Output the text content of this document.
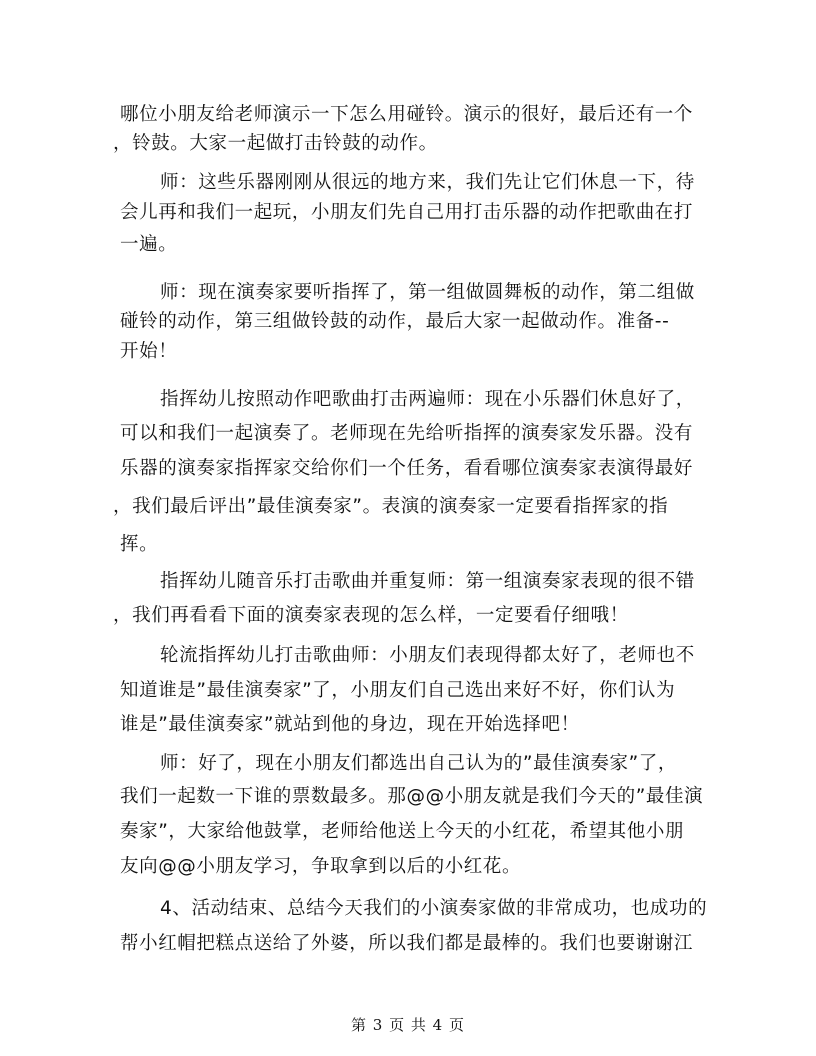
哪位小朋友给老师演示一下怎么用碰铃。演示的很好，最后还有一个
，铃鼓。大家一起做打击铃鼓的动作。
师：这些乐器刚刚从很远的地方来，我们先让它们休息一下，待
会儿再和我们一起玩，小朋友们先自己用打击乐器的动作把歌曲在打
一遍。
师：现在演奏家要听指挥了，第一组做圆舞板的动作，第二组做
碰铃的动作，第三组做铃鼓的动作，最后大家一起做动作。准备--
开始！
指挥幼儿按照动作吧歌曲打击两遍师：现在小乐器们休息好了，
可以和我们一起演奏了。老师现在先给听指挥的演奏家发乐器。没有
乐器的演奏家指挥家交给你们一个任务，看看哪位演奏家表演得最好
，我们最后评出”最佳演奏家”。表演的演奏家一定要看指挥家的指
挥。
指挥幼儿随音乐打击歌曲并重复师：第一组演奏家表现的很不错
，我们再看看下面的演奏家表现的怎么样，一定要看仔细哦！
轮流指挥幼儿打击歌曲师：小朋友们表现得都太好了，老师也不
知道谁是”最佳演奏家”了，小朋友们自己选出来好不好，你们认为
谁是”最佳演奏家”就站到他的身边，现在开始选择吧！
师：好了，现在小朋友们都选出自己认为的”最佳演奏家”了，
我们一起数一下谁的票数最多。那@@小朋友就是我们今天的”最佳演
奏家”，大家给他鼓掌，老师给他送上今天的小红花，希望其他小朋
友向@@小朋友学习，争取拿到以后的小红花。
4、活动结束、总结今天我们的小演奏家做的非常成功，也成功的
帮小红帽把糕点送给了外婆，所以我们都是最棒的。我们也要谢谢江
第 3 页 共 4 页
